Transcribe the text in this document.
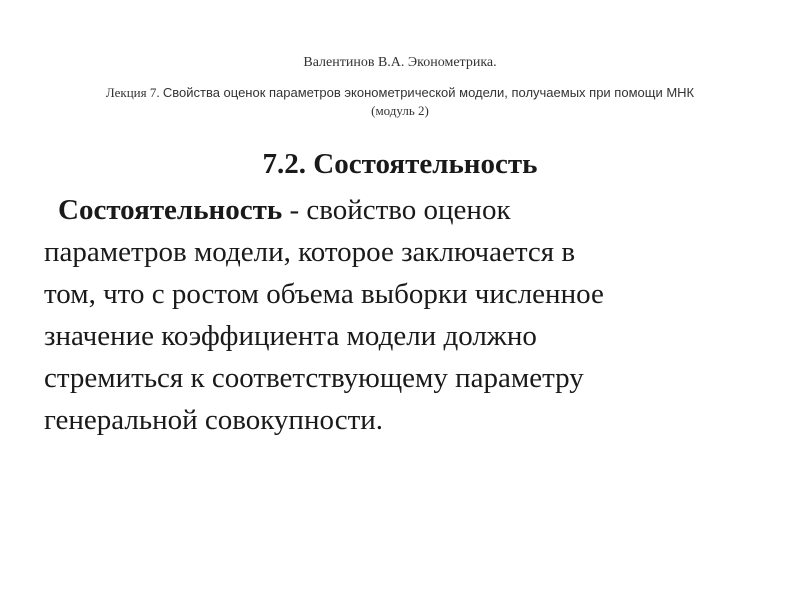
Валентинов В.А. Эконометрика.
Лекция 7. Свойства оценок параметров эконометрической модели, получаемых при помощи МНК
(модуль 2)
7.2. Состоятельность
Состоятельность - свойство оценок
параметров модели, которое заключается в
том, что с ростом объема выборки численное
значение коэффициента модели должно
стремиться к соответствующему параметру
генеральной совокупности.
